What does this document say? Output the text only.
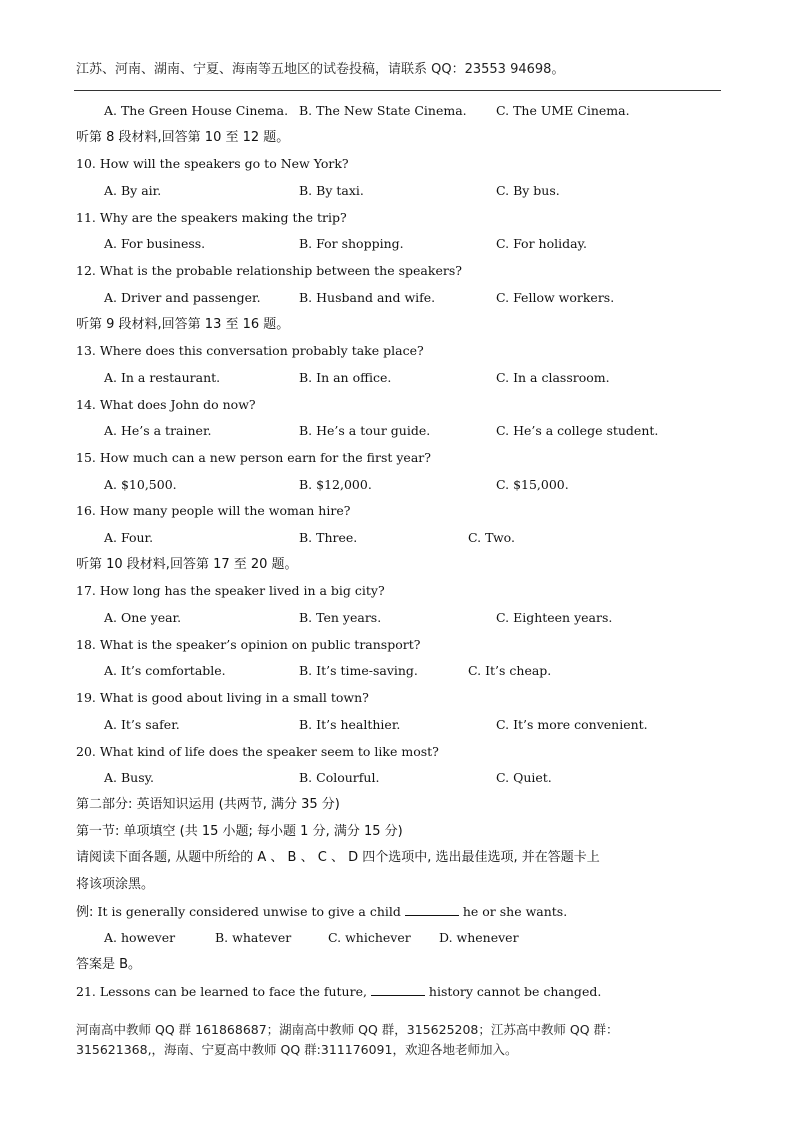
江苏、河南、湖南、宁夏、海南等五地区的试卷投稿，请联系 QQ：23553 94698。
A. The Green House Cinema. B. The New State Cinema. C. The UME Cinema.
听第 8 段材料,回答第 10 至 12 题。
10. How will the speakers go to New York?
A. By air.	B. By taxi.	C. By bus.
11. Why are the speakers making the trip?
A. For business.	B. For shopping.	C. For holiday.
12. What is the probable relationship between the speakers?
A. Driver and passenger.	B. Husband and wife.	C. Fellow workers.
听第 9 段材料,回答第 13 至 16 题。
13. Where does this conversation probably take place?
A. In a restaurant.	B. In an office.	C. In a classroom.
14. What does John do now?
A. He’s a trainer.	B. He’s a tour guide.	C. He’s a college student.
15. How much can a new person earn for the first year?
A. $10,500.	B. $12,000.	C. $15,000.
16. How many people will the woman hire?
A. Four.	B. Three.	C. Two.
听第 10 段材料,回答第 17 至 20 题。
17. How long has the speaker lived in a big city?
A. One year.	B. Ten years.	C. Eighteen years.
18. What is the speaker’s opinion on public transport?
A. It’s comfortable.	B. It’s time-saving.	C. It’s cheap.
19. What is good about living in a small town?
A. It’s safer.	B. It’s healthier.	C. It’s more convenient.
20. What kind of life does the speaker seem to like most?
A. Busy.	B. Colourful.	C. Quiet.
第二部分: 英语知识运用 (共两节, 满分 35 分)
第一节: 单项填空 (共 15 小题; 每小题 1 分, 满分 15 分)
请阅读下面各题, 从题中所给的 A 、 B 、 C 、 D 四个选项中, 选出最佳选项, 并在答题卡上
将该项涂黑。
例: It is generally considered unwise to give a child	he or she wants.
A. however	B. whatever	C. whichever D. whenever
答案是 B。
21. Lessons can be learned to face the future,	history cannot be changed.
河南高中教师 QQ 群 161868687；湖南高中教师 QQ 群，315625208；江苏高中教师 QQ 群：
315621368,，海南、宁夏高中教师 QQ 群:311176091，欢迎各地老师加入。
